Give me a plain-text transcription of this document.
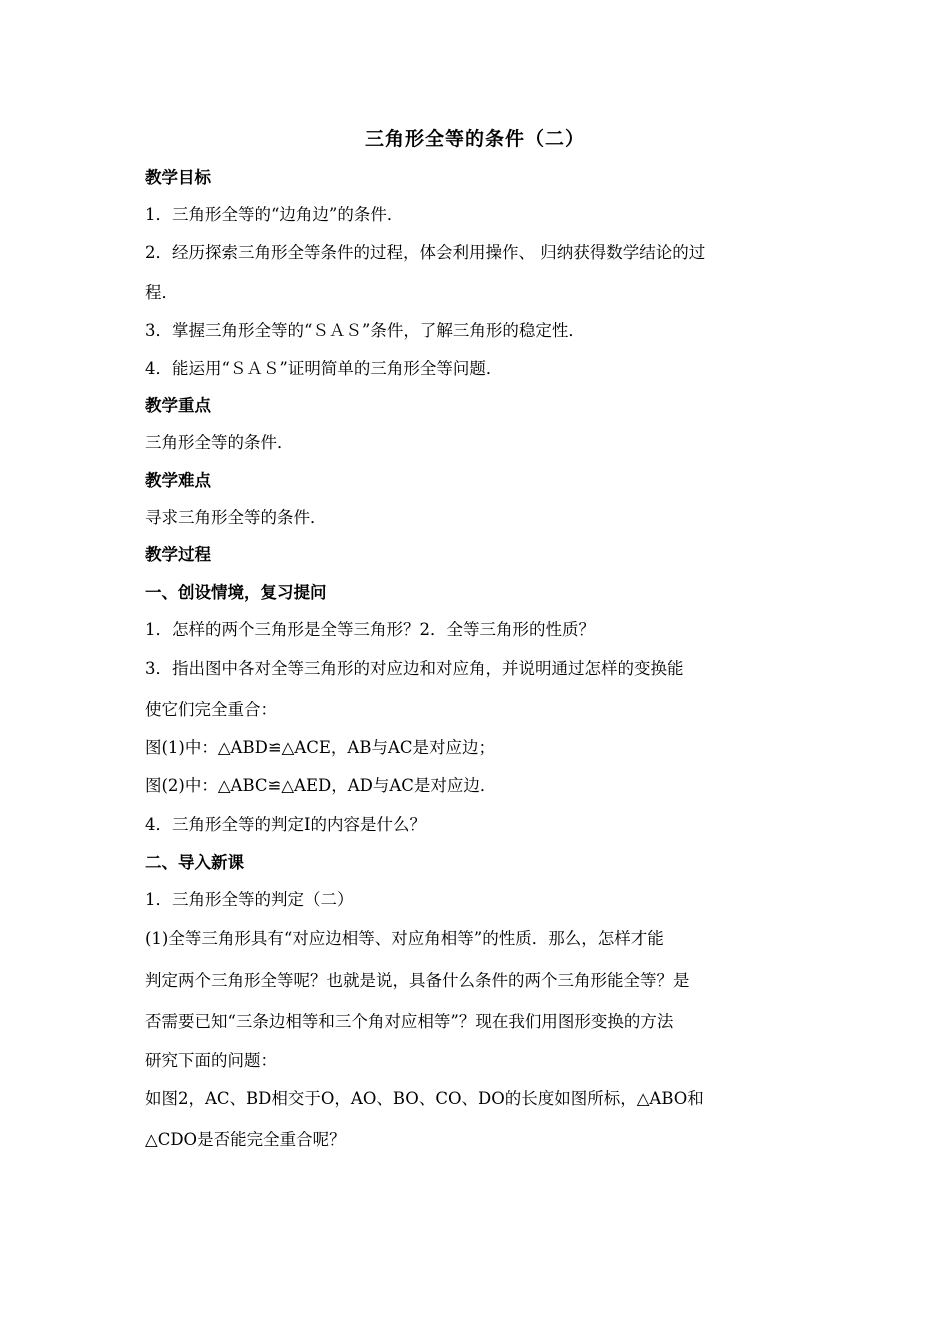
三角形全等的条件（二）
教学目标
1．三角形全等的“边角边”的条件．
2．经历探索三角形全等条件的过程，体会利用操作、 归纳获得数学结论的过
程．
3．掌握三角形全等的“ＳＡＳ”条件，了解三角形的稳定性．
4．能运用“ＳＡＳ”证明简单的三角形全等问题．
教学重点
三角形全等的条件．
教学难点
寻求三角形全等的条件．
教学过程
一、创设情境，复习提问
1．怎样的两个三角形是全等三角形？2．全等三角形的性质？
3．指出图中各对全等三角形的对应边和对应角，并说明通过怎样的变换能
使它们完全重合：
图(1)中：△ABD≌△ACE，AB与AC是对应边；
图(2)中：△ABC≌△AED，AD与AC是对应边．
4．三角形全等的判定Ⅰ的内容是什么？
二、导入新课
1．三角形全等的判定（二）
(1)全等三角形具有“对应边相等、对应角相等”的性质．那么，怎样才能
判定两个三角形全等呢？也就是说，具备什么条件的两个三角形能全等？是
否需要已知“三条边相等和三个角对应相等”？现在我们用图形变换的方法
研究下面的问题：
如图2，AC、BD相交于O，AO、BO、CO、DO的长度如图所标，△ABO和
△CDO是否能完全重合呢？
